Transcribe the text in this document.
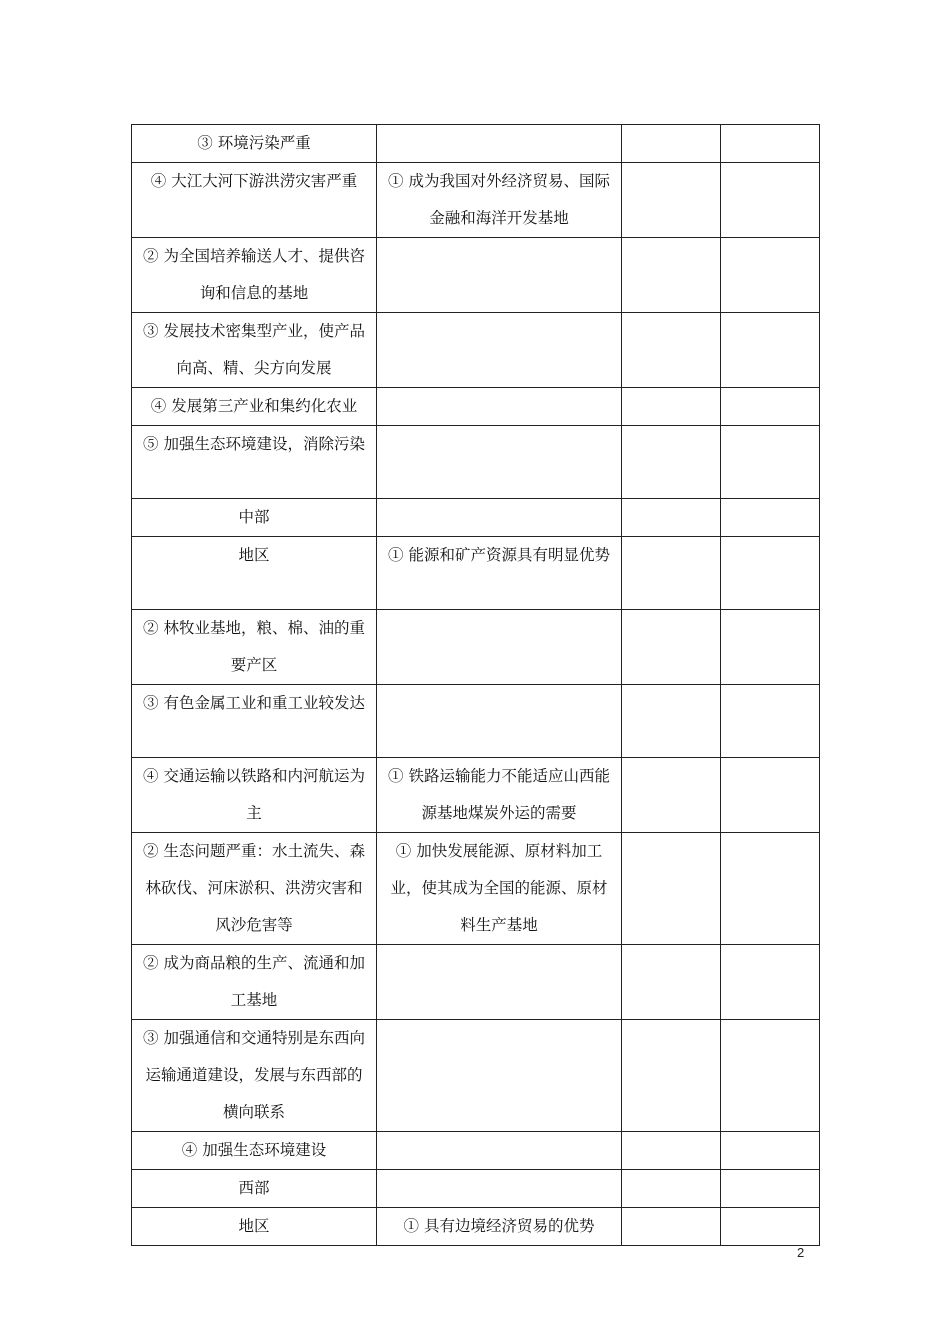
③ 环境污染严重			
④ 大江大河下游洪涝灾害严重	① 成为我国对外经济贸易、国际金融和海洋开发基地		
② 为全国培养输送人才、提供咨询和信息的基地			
③ 发展技术密集型产业，使产品向高、精、尖方向发展			
④ 发展第三产业和集约化农业			
⑤ 加强生态环境建设，消除污染			
中部			
地区	① 能源和矿产资源具有明显优势		
② 林牧业基地，粮、棉、油的重要产区			
③ 有色金属工业和重工业较发达			
④ 交通运输以铁路和内河航运为主	① 铁路运输能力不能适应山西能源基地煤炭外运的需要		
② 生态问题严重：水土流失、森林砍伐、河床淤积、洪涝灾害和风沙危害等	① 加快发展能源、原材料加工业，使其成为全国的能源、原材料生产基地		
② 成为商品粮的生产、流通和加工基地			
③ 加强通信和交通特别是东西向运输通道建设，发展与东西部的横向联系			
④ 加强生态环境建设			
西部			
地区	① 具有边境经济贸易的优势		
2
